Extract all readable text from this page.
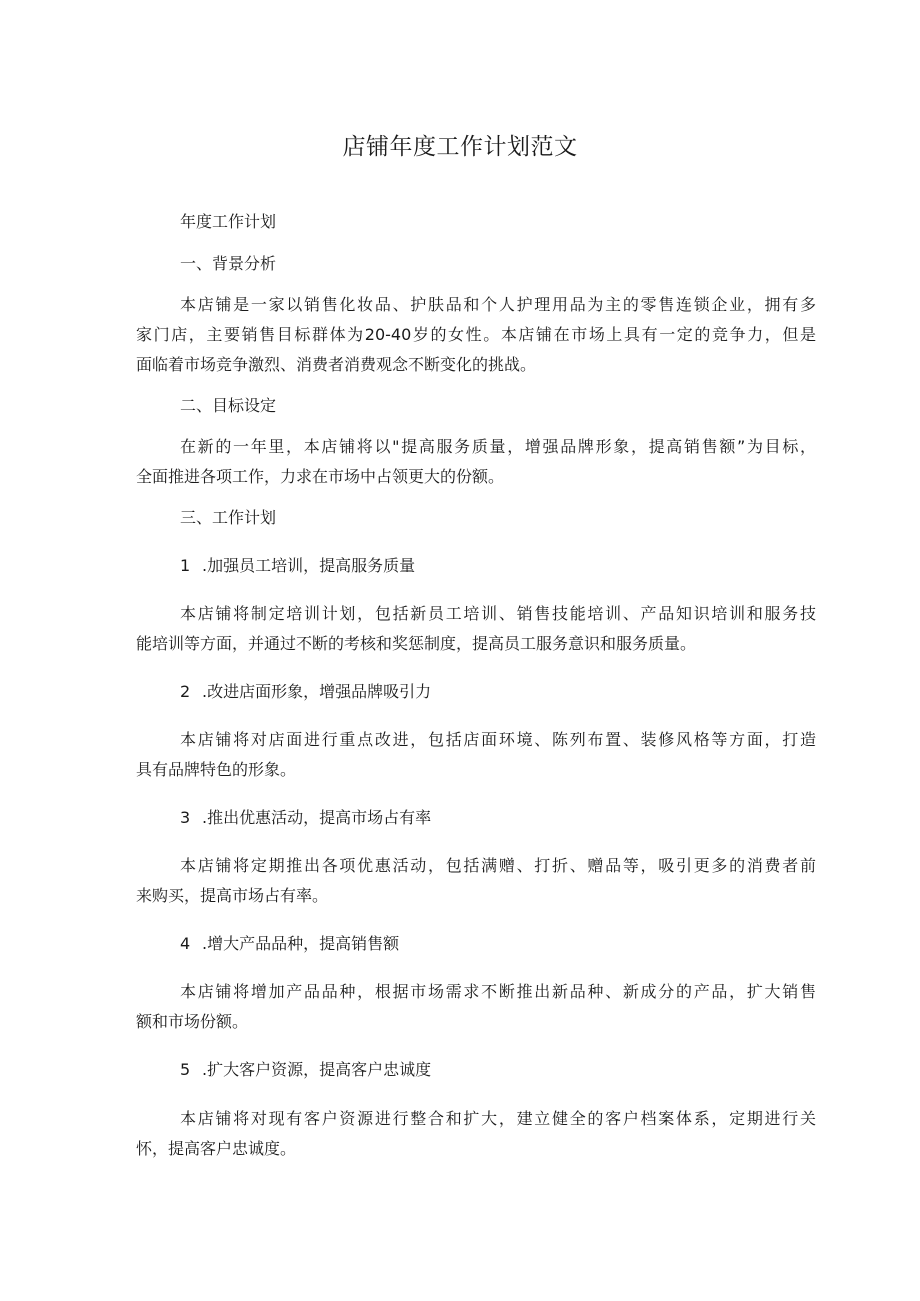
店铺年度工作计划范文
年度工作计划
一、背景分析
本店铺是一家以销售化妆品、护肤品和个人护理用品为主的零售连锁企业，拥有多
家门店，主要销售目标群体为20-40岁的女性。本店铺在市场上具有一定的竞争力，但是
面临着市场竞争激烈、消费者消费观念不断变化的挑战。
二、目标设定
在新的一年里，本店铺将以"提高服务质量，增强品牌形象，提高销售额”为目标，
全面推进各项工作，力求在市场中占领更大的份额。
三、工作计划
1 .加强员工培训，提高服务质量
本店铺将制定培训计划，包括新员工培训、销售技能培训、产品知识培训和服务技
能培训等方面，并通过不断的考核和奖惩制度，提高员工服务意识和服务质量。
2 .改进店面形象，增强品牌吸引力
本店铺将对店面进行重点改进，包括店面环境、陈列布置、装修风格等方面，打造
具有品牌特色的形象。
3 .推出优惠活动，提高市场占有率
本店铺将定期推出各项优惠活动，包括满赠、打折、赠品等，吸引更多的消费者前
来购买，提高市场占有率。
4 .增大产品品种，提高销售额
本店铺将增加产品品种，根据市场需求不断推出新品种、新成分的产品，扩大销售
额和市场份额。
5 .扩大客户资源，提高客户忠诚度
本店铺将对现有客户资源进行整合和扩大，建立健全的客户档案体系，定期进行关
怀，提高客户忠诚度。
